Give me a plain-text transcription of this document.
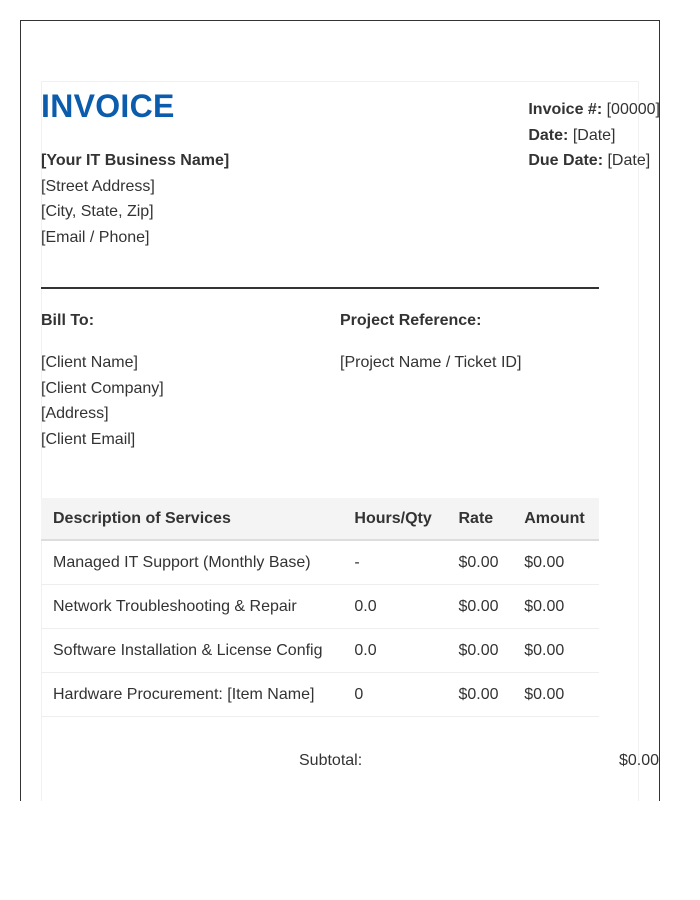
INVOICE
[Your IT Business Name]
[Street Address]
[City, State, Zip]
[Email / Phone]
Invoice #: [00000]
Date: [Date]
Due Date: [Date]
Bill To:
[Client Name]
[Client Company]
[Address]
[Client Email]
Project Reference:
[Project Name / Ticket ID]
Description of Services	Hours/Qty	Rate	Amount
Managed IT Support (Monthly Base)	-	$0.00	$0.00
Network Troubleshooting & Repair	0.0	$0.00	$0.00
Software Installation & License Config	0.0	$0.00	$0.00
Hardware Procurement: [Item Name]	0	$0.00	$0.00
Subtotal:	$0.00
